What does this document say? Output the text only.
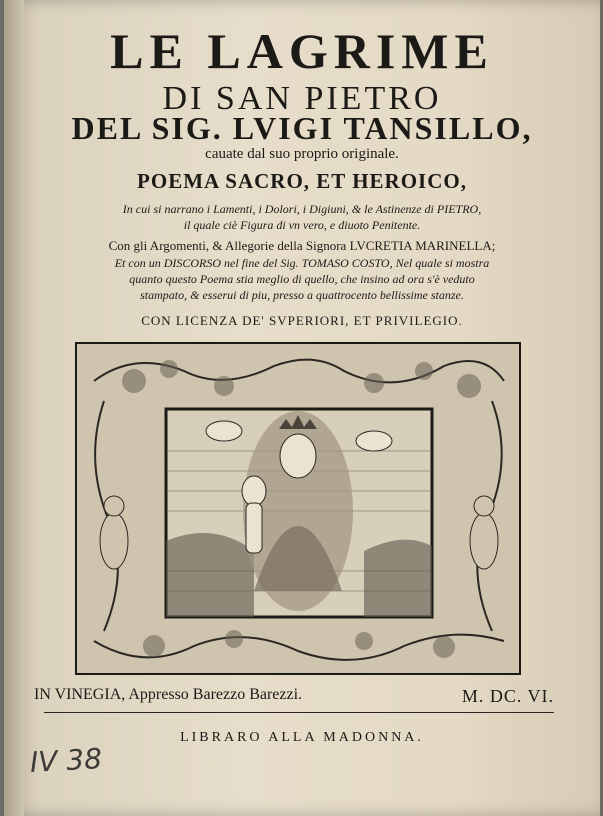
LE LAGRIME
DI SAN PIETRO
DEL SIG. LVIGI TANSILLO,
cauate dal suo proprio originale.
POEMA SACRO, ET HEROICO,
In cui si narrano i Lamenti, i Dolori, i Digiuni, & le Astinenze di PIETRO,
il quale ciè Figura di vn vero, e diuoto Penitente.
Con gli Argomenti, & Allegorie della Signora LVCRETIA MARINELLA;
Et con un DISCORSO nel fine del Sig. TOMASO COSTO, Nel quale si mostra
quanto questo Poema stia meglio di quello, che insino ad ora s'è veduto
stampato, & esserui di piu, presso a quattrocento bellissime stanze.
CON LICENZA DE' SVPERIORI, ET PRIVILEGIO.
IN VINEGIA, Appresso Barezzo Barezzi.	M. DC. VI.
LIBRARO ALLA MADONNA.
IV 38
